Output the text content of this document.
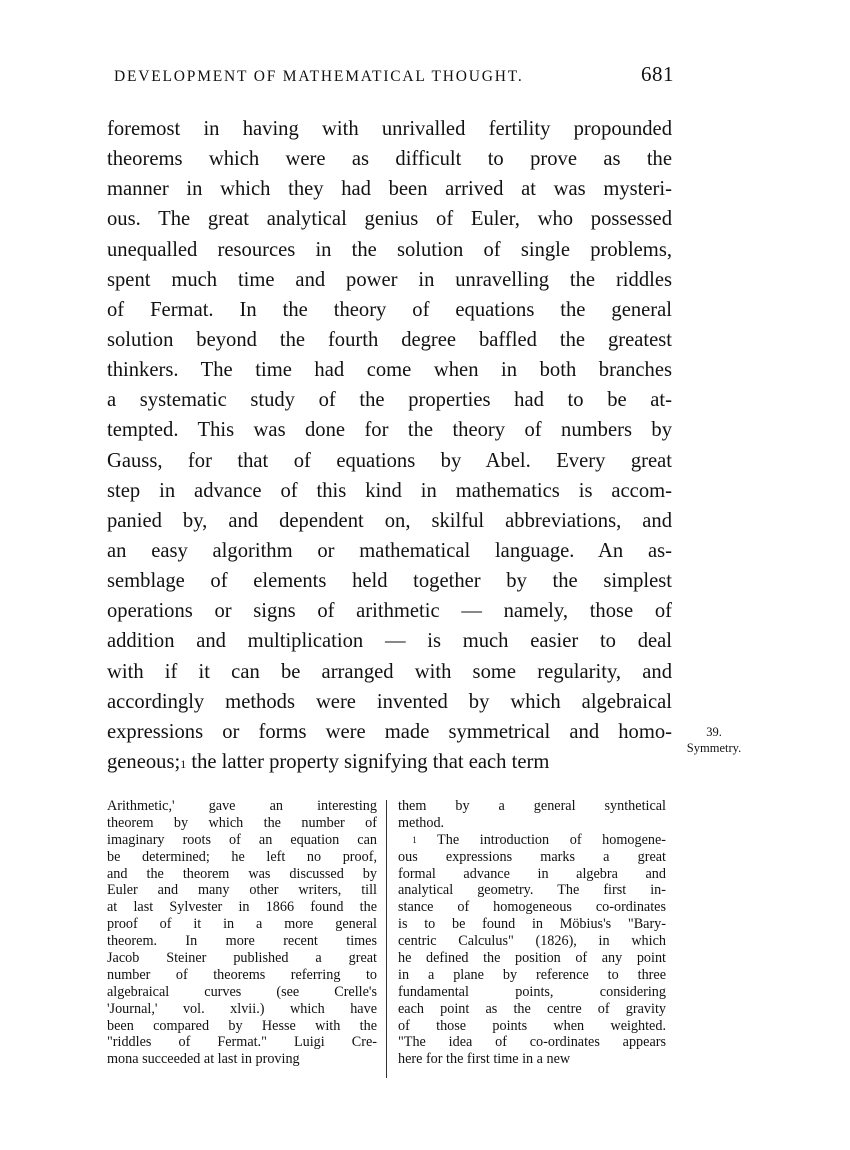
DEVELOPMENT OF MATHEMATICAL THOUGHT.	681
foremost in having with unrivalled fertility propounded
theorems which were as difficult to prove as the
manner in which they had been arrived at was mysteri-
ous. The great analytical genius of Euler, who possessed
unequalled resources in the solution of single problems,
spent much time and power in unravelling the riddles
of Fermat. In the theory of equations the general
solution beyond the fourth degree baffled the greatest
thinkers. The time had come when in both branches
a systematic study of the properties had to be at-
tempted. This was done for the theory of numbers by
Gauss, for that of equations by Abel. Every great
step in advance of this kind in mathematics is accom-
panied by, and dependent on, skilful abbreviations, and
an easy algorithm or mathematical language. An as-
semblage of elements held together by the simplest
operations or signs of arithmetic — namely, those of
addition and multiplication — is much easier to deal
with if it can be arranged with some regularity, and
accordingly methods were invented by which algebraical
expressions or forms were made symmetrical and homo-
geneous;$^1$ the latter property signifying that each term
39.
Symmetry.
Arithmetic,' gave an interesting
theorem by which the number of
imaginary roots of an equation can
be determined; he left no proof,
and the theorem was discussed by
Euler and many other writers, till
at last Sylvester in 1866 found the
proof of it in a more general
theorem. In more recent times
Jacob Steiner published a great
number of theorems referring to
algebraical curves (see Crelle's
'Journal,' vol. xlvii.) which have
been compared by Hesse with the
"riddles of Fermat." Luigi Cre-
mona succeeded at last in proving
them by a general synthetical
method.
 $^1$ The introduction of homogene-
ous expressions marks a great
formal advance in algebra and
analytical geometry. The first in-
stance of homogeneous co-ordinates
is to be found in Möbius's "Bary-
centric Calculus" (1826), in which
he defined the position of any point
in a plane by reference to three
fundamental points, considering
each point as the centre of gravity
of those points when weighted.
"The idea of co-ordinates appears
here for the first time in a new
